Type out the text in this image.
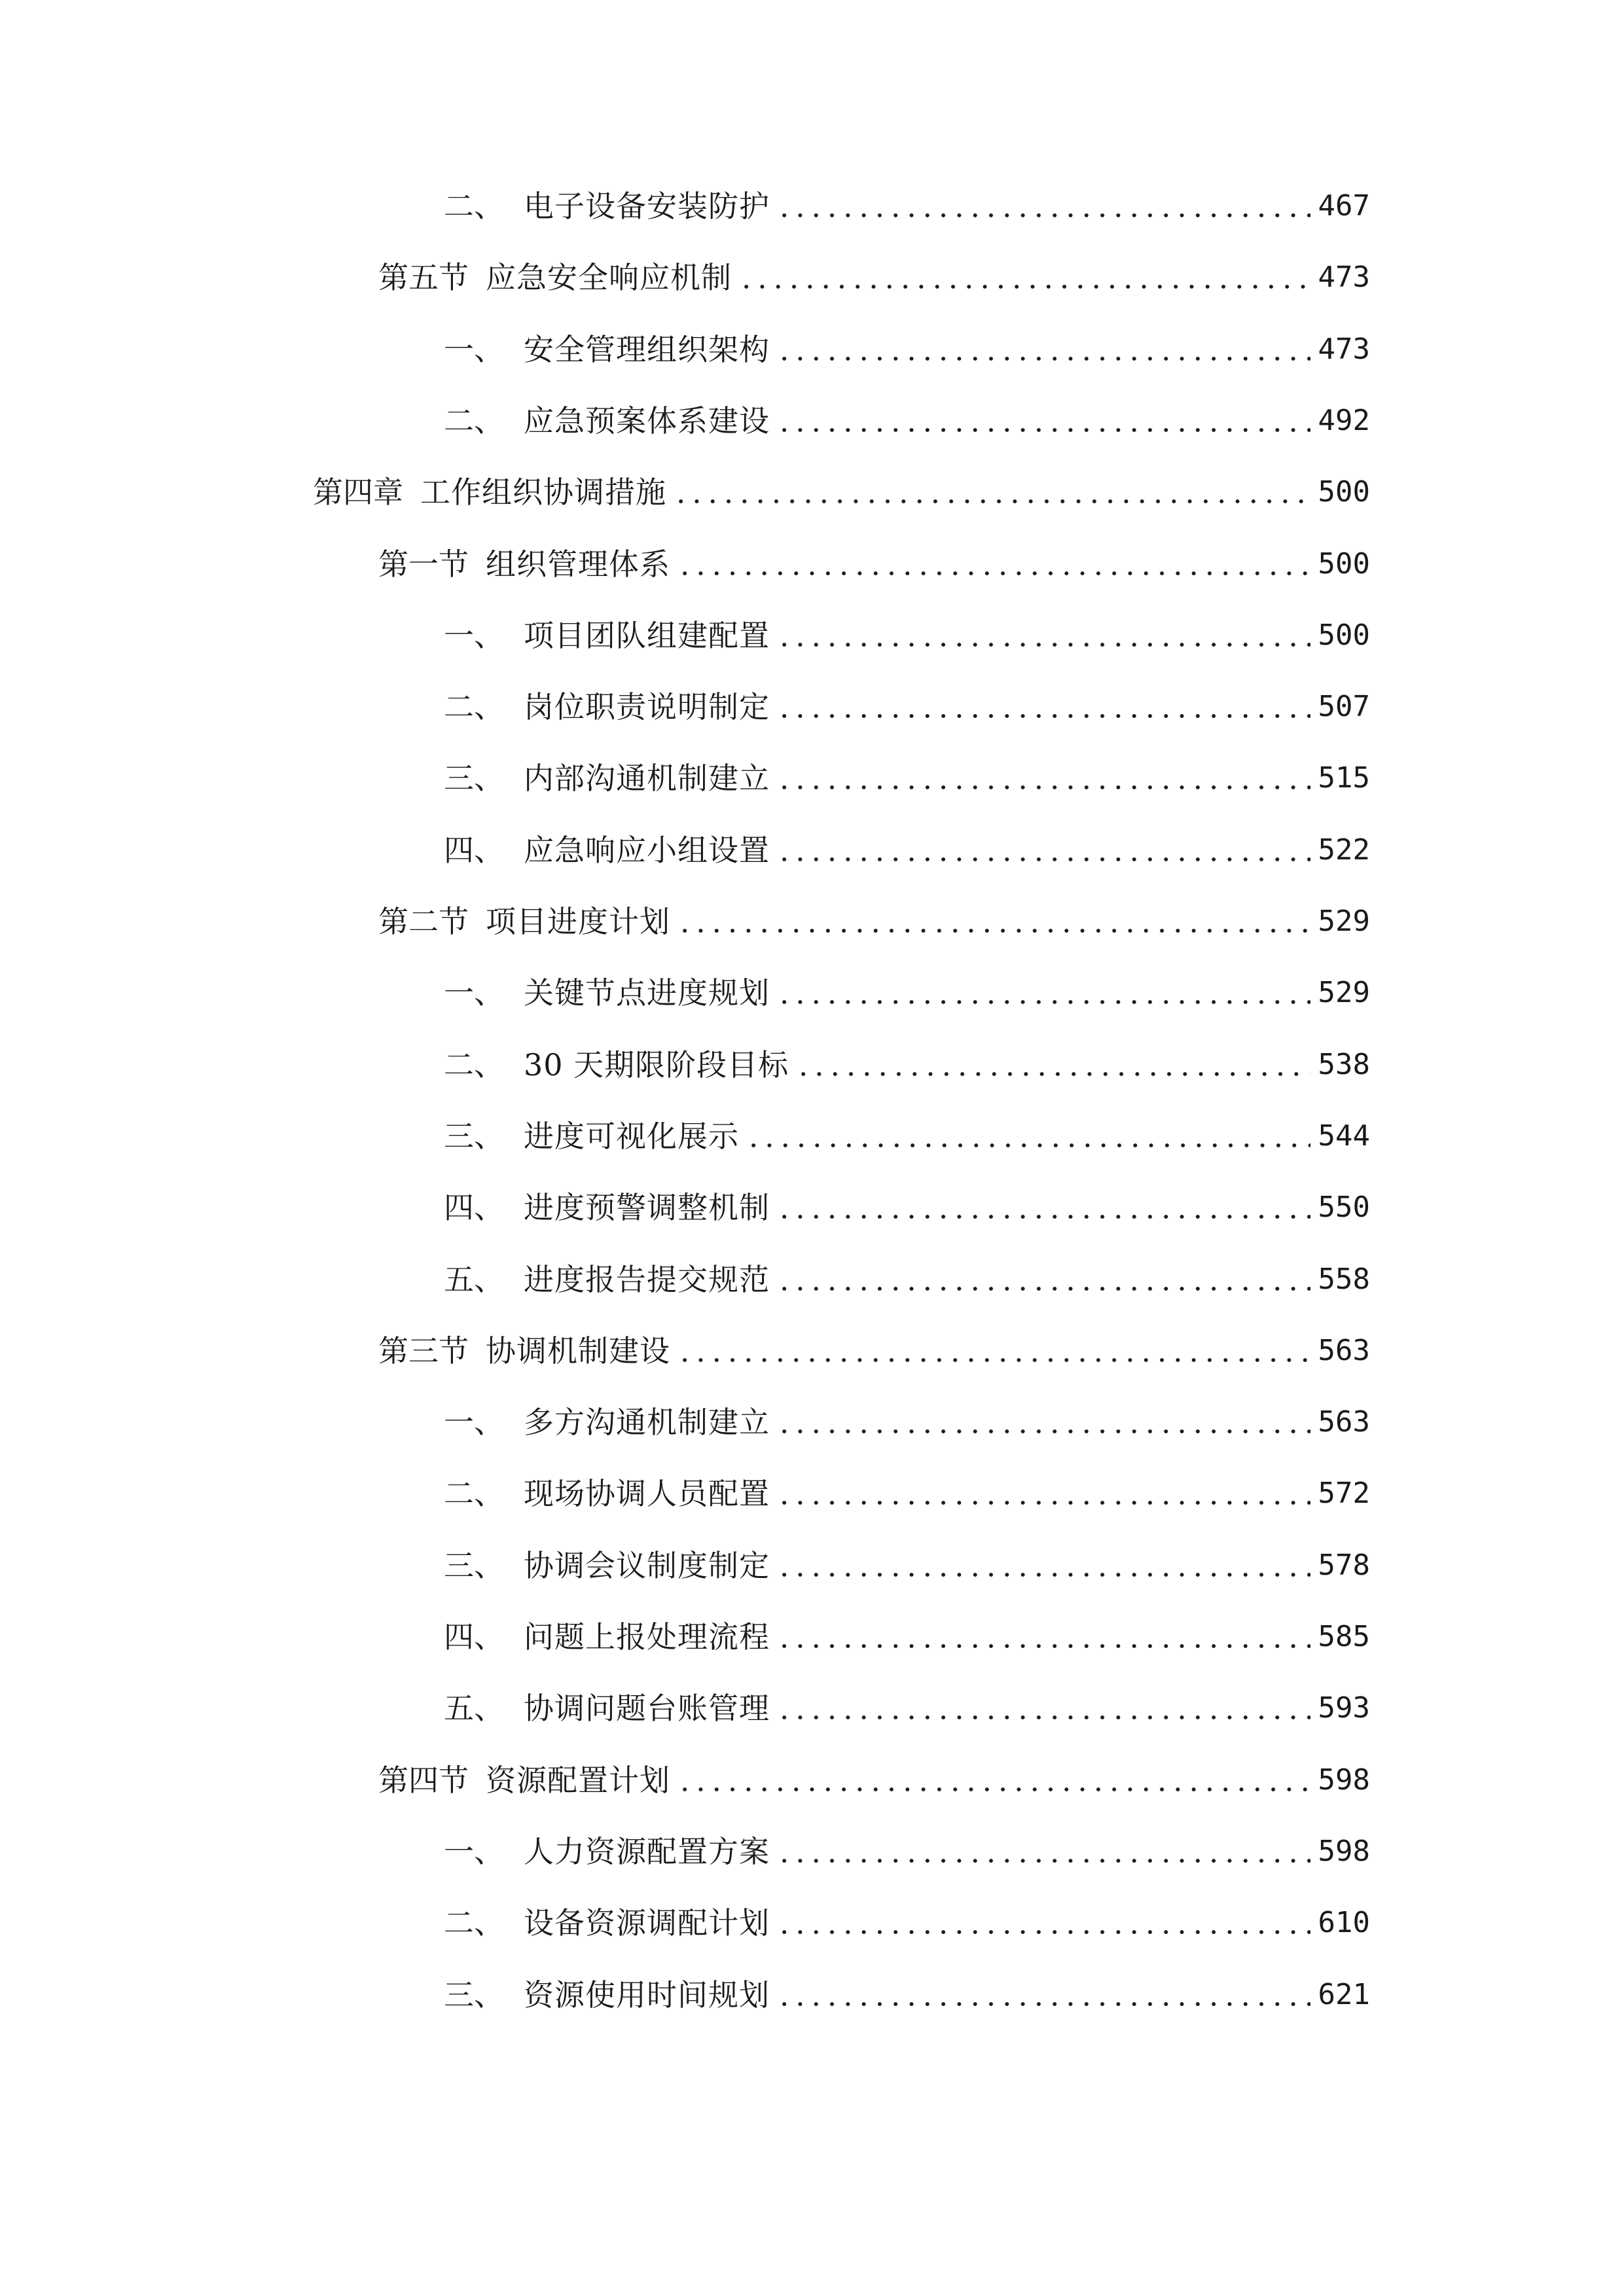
二、 电子设备安装防护	467
第五节 应急安全响应机制	473
一、 安全管理组织架构	473
二、 应急预案体系建设	492
第四章 工作组织协调措施	500
第一节 组织管理体系	500
一、 项目团队组建配置	500
二、 岗位职责说明制定	507
三、 内部沟通机制建立	515
四、 应急响应小组设置	522
第二节 项目进度计划	529
一、 关键节点进度规划	529
二、 30 天期限阶段目标	538
三、 进度可视化展示	544
四、 进度预警调整机制	550
五、 进度报告提交规范	558
第三节 协调机制建设	563
一、 多方沟通机制建立	563
二、 现场协调人员配置	572
三、 协调会议制度制定	578
四、 问题上报处理流程	585
五、 协调问题台账管理	593
第四节 资源配置计划	598
一、 人力资源配置方案	598
二、 设备资源调配计划	610
三、 资源使用时间规划	621
